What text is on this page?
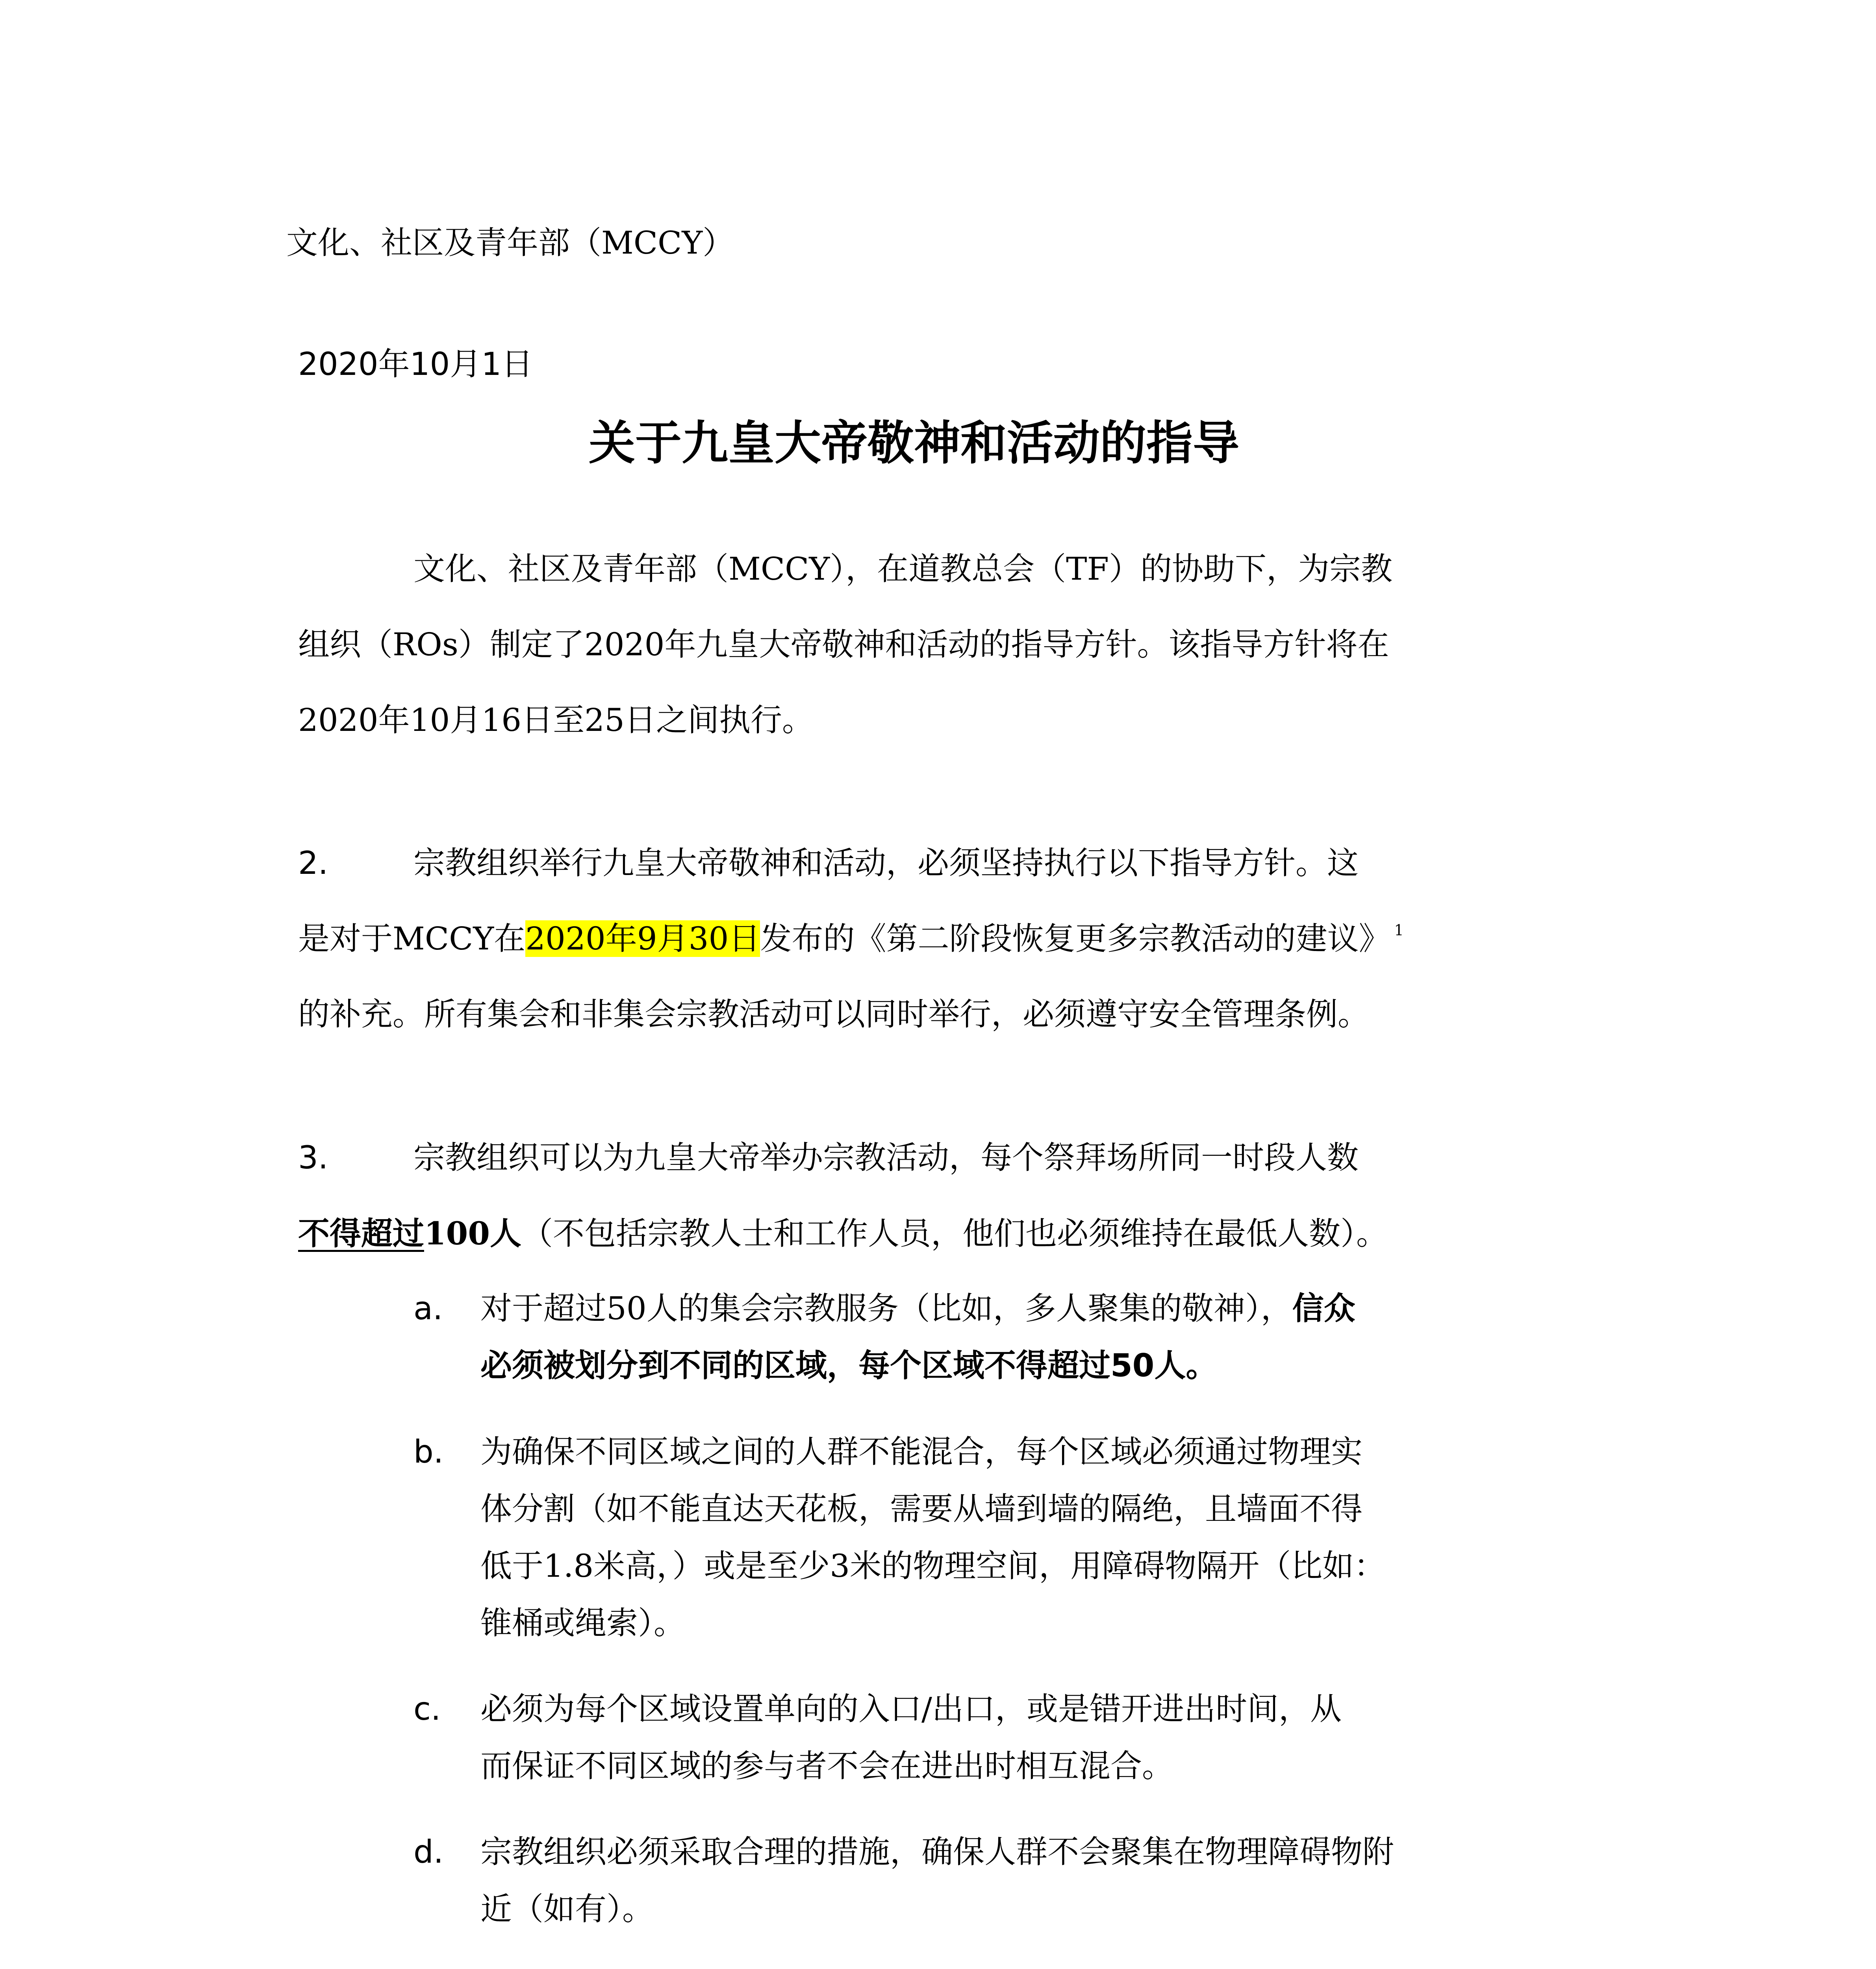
文化、社区及青年部（MCCY）
2020年10月1日
关于九皇大帝敬神和活动的指导
文化、社区及青年部（MCCY），在道教总会（TF）的协助下，为宗教
组织（ROs）制定了2020年九皇大帝敬神和活动的指导方针。该指导方针将在
2020年10月16日至25日之间执行。
2.	宗教组织举行九皇大帝敬神和活动，必须坚持执行以下指导方针。这
是对于MCCY在2020年9月30日发布的《第二阶段恢复更多宗教活动的建议》 $^1$
的补充。所有集会和非集会宗教活动可以同时举行，必须遵守安全管理条例。
3.	宗教组织可以为九皇大帝举办宗教活动，每个祭拜场所同一时段人数
不得超过100人（不包括宗教人士和工作人员，他们也必须维持在最低人数）。
a. 对于超过50人的集会宗教服务（比如，多人聚集的敬神），信众
必须被划分到不同的区域，每个区域不得超过50人。
b. 为确保不同区域之间的人群不能混合，每个区域必须通过物理实
体分割（如不能直达天花板，需要从墙到墙的隔绝，且墙面不得
低于1.8米高，）或是至少3米的物理空间，用障碍物隔开（比如：
锥桶或绳索）。
c. 必须为每个区域设置单向的入口/出口，或是错开进出时间，从
而保证不同区域的参与者不会在进出时相互混合。
d. 宗教组织必须采取合理的措施，确保人群不会聚集在物理障碍物附
近（如有）。
